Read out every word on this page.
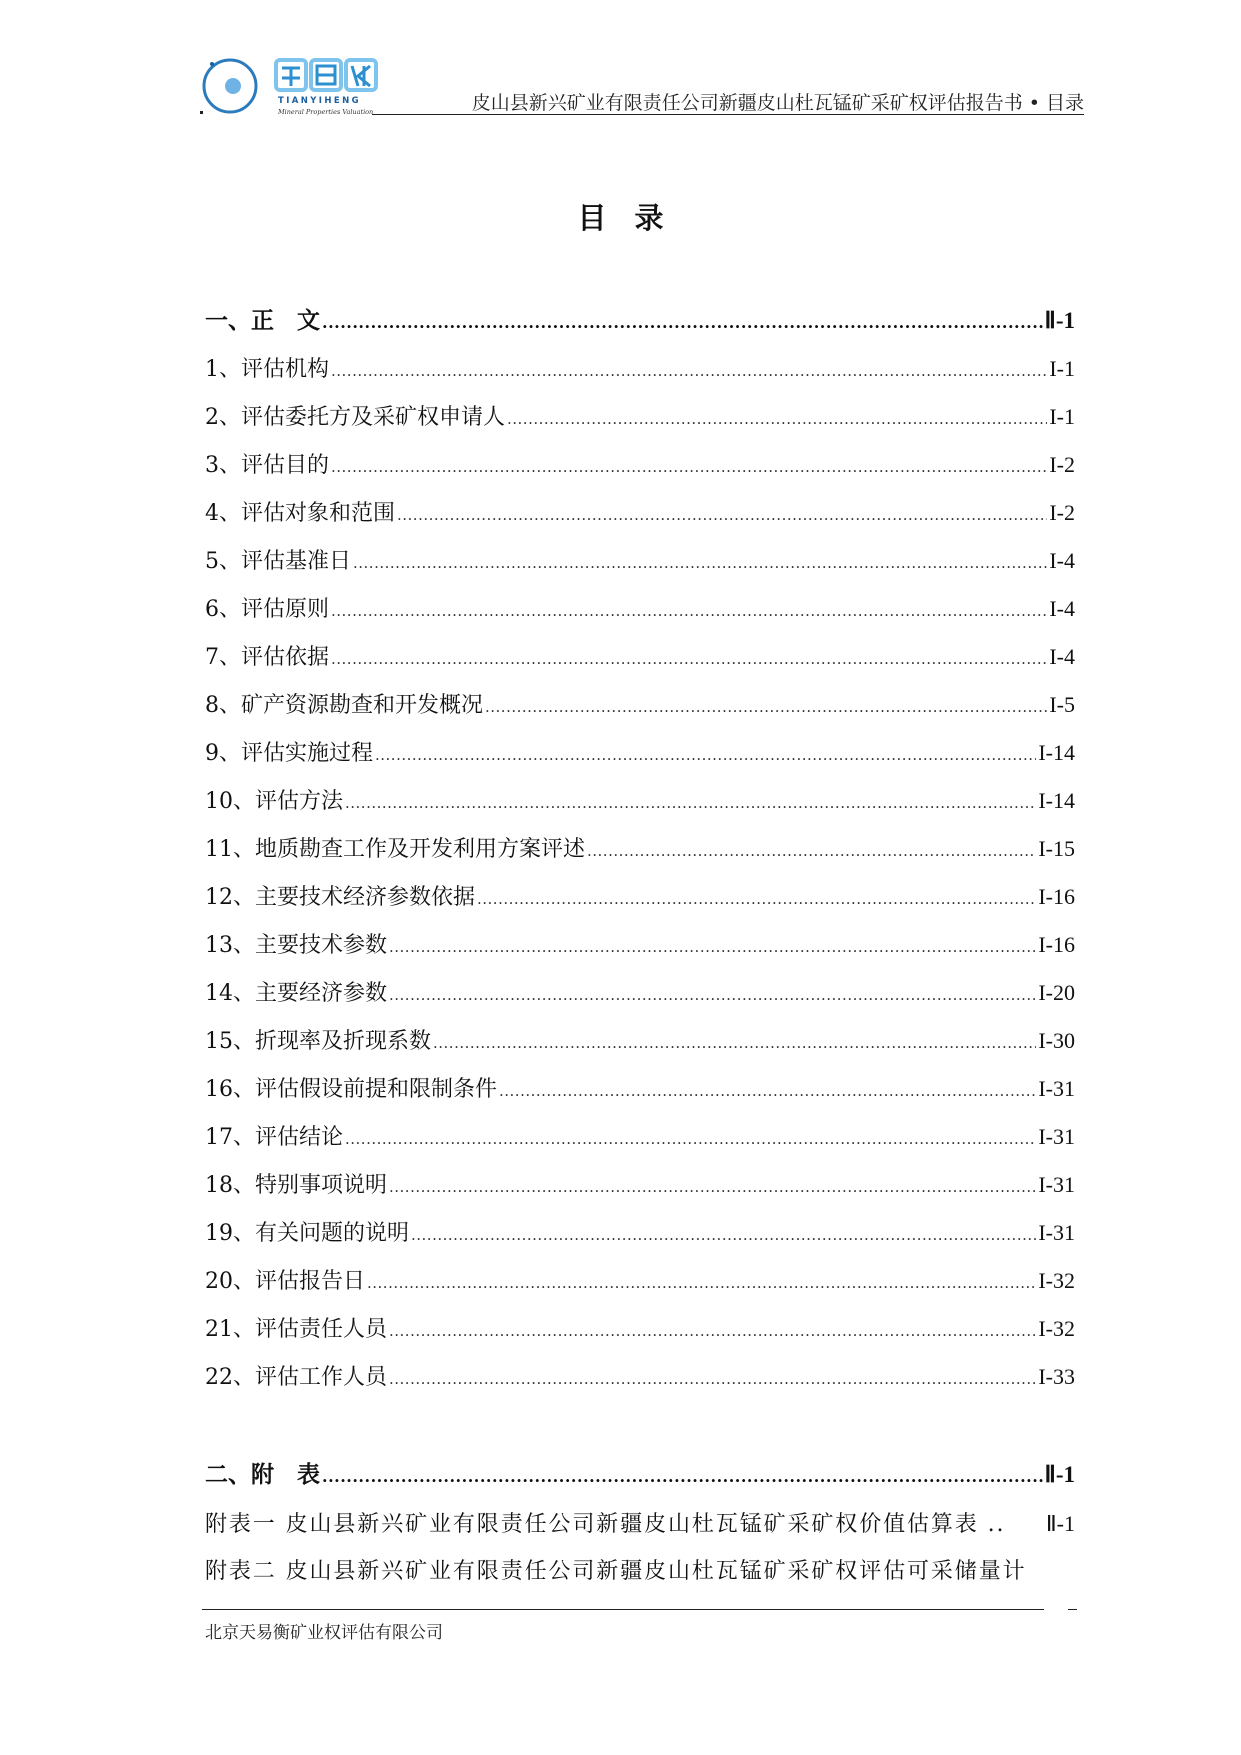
TIANYIHENG
Mineral Properties Valuation	皮山县新兴矿业有限责任公司新疆皮山杜瓦锰矿采矿权评估报告书 • 目录
目录
一、正　文 .....	Ⅱ-1
1、评估机构 .....	I-1
2、评估委托方及采矿权申请人 .....	I-1
3、评估目的 .....	I-2
4、评估对象和范围 .....	I-2
5、评估基准日 .....	I-4
6、评估原则 .....	I-4
7、评估依据 .....	I-4
8、矿产资源勘查和开发概况 .....	I-5
9、评估实施过程 .....	I-14
10、评估方法 .....	I-14
11、地质勘查工作及开发利用方案评述 .....	I-15
12、主要技术经济参数依据 .....	I-16
13、主要技术参数 .....	I-16
14、主要经济参数 .....	I-20
15、折现率及折现系数 .....	I-30
16、评估假设前提和限制条件 .....	I-31
17、评估结论 .....	I-31
18、特别事项说明 .....	I-31
19、有关问题的说明 .....	I-31
20、评估报告日 .....	I-32
21、评估责任人员 .....	I-32
22、评估工作人员 .....	I-33
二、附　表 .....	Ⅱ-1
附表一 皮山县新兴矿业有限责任公司新疆皮山杜瓦锰矿采矿权价值估算表 .. Ⅱ-1
附表二 皮山县新兴矿业有限责任公司新疆皮山杜瓦锰矿采矿权评估可采储量计
北京天易衡矿业权评估有限公司
